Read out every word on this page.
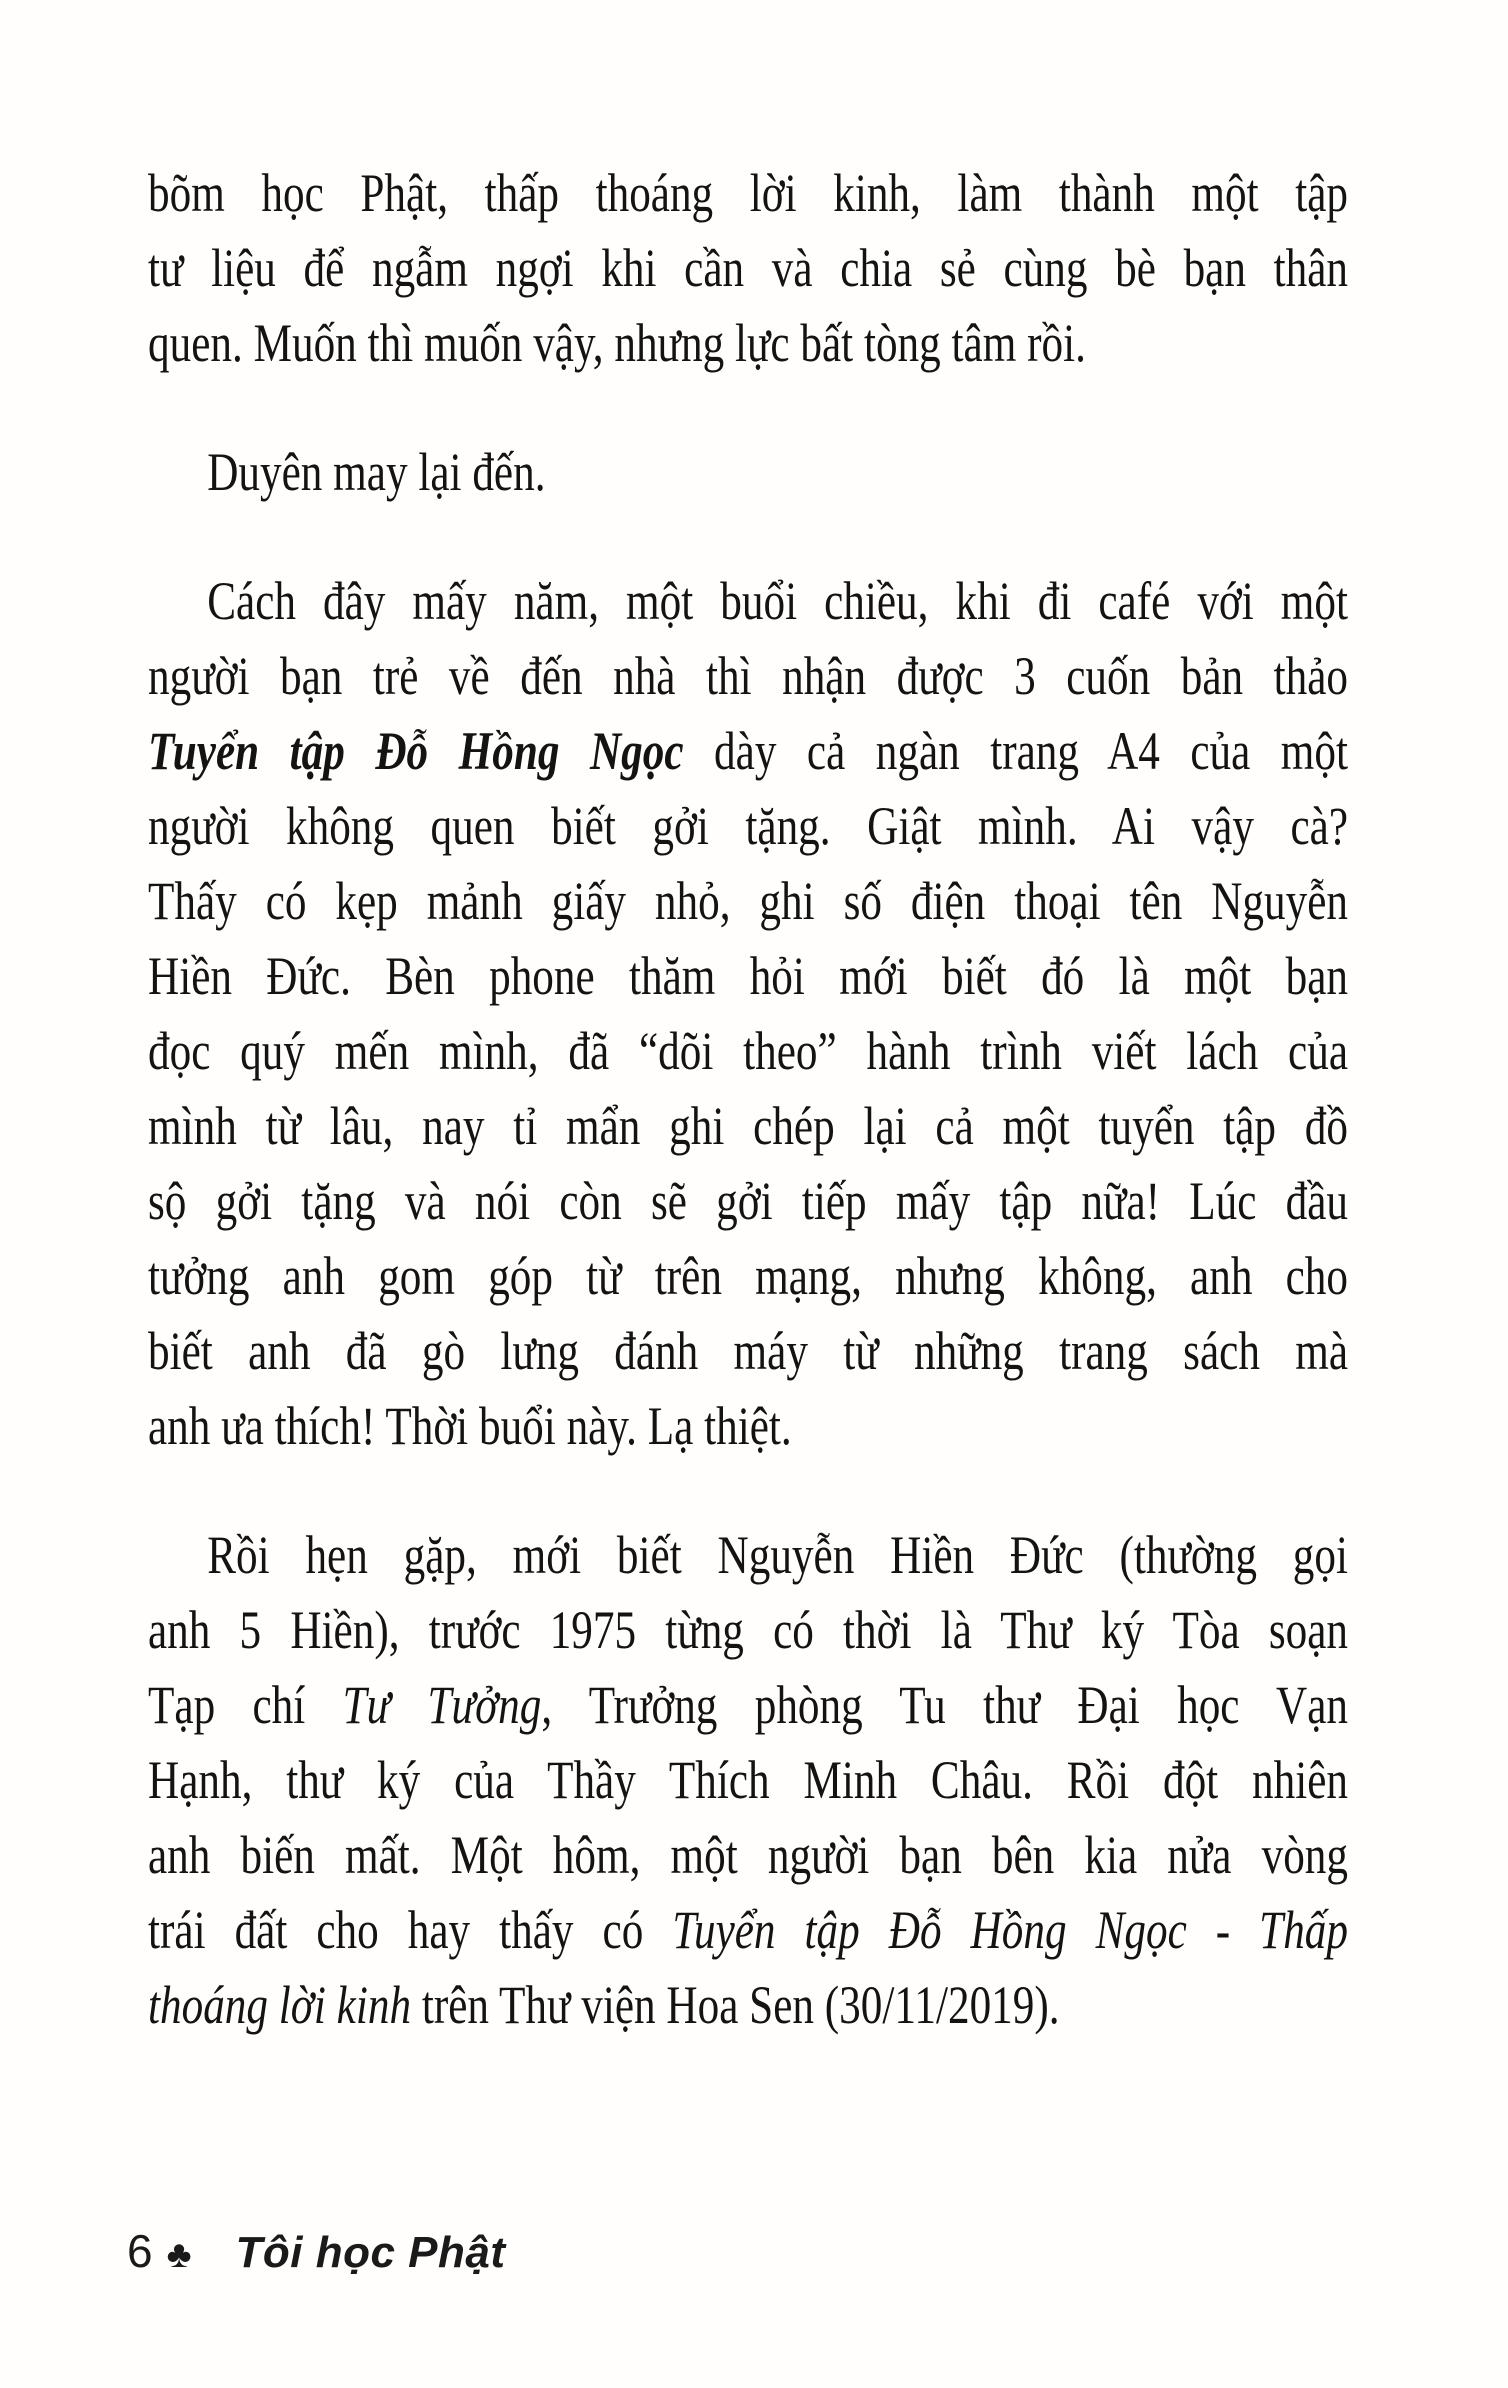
bõm học Phật, thấp thoáng lời kinh, làm thành một tập
tư liệu để ngẫm ngợi khi cần và chia sẻ cùng bè bạn thân
quen. Muốn thì muốn vậy, nhưng lực bất tòng tâm rồi.
Duyên may lại đến.
Cách đây mấy năm, một buổi chiều, khi đi café với một
người bạn trẻ về đến nhà thì nhận được 3 cuốn bản thảo
Tuyển tập Đỗ Hồng Ngọc dày cả ngàn trang A4 của một
người không quen biết gởi tặng. Giật mình. Ai vậy cà?
Thấy có kẹp mảnh giấy nhỏ, ghi số điện thoại tên Nguyễn
Hiền Đức. Bèn phone thăm hỏi mới biết đó là một bạn
đọc quý mến mình, đã “dõi theo” hành trình viết lách của
mình từ lâu, nay tỉ mẩn ghi chép lại cả một tuyển tập đồ
sộ gởi tặng và nói còn sẽ gởi tiếp mấy tập nữa! Lúc đầu
tưởng anh gom góp từ trên mạng, nhưng không, anh cho
biết anh đã gò lưng đánh máy từ những trang sách mà
anh ưa thích! Thời buổi này. Lạ thiệt.
Rồi hẹn gặp, mới biết Nguyễn Hiền Đức (thường gọi
anh 5 Hiền), trước 1975 từng có thời là Thư ký Tòa soạn
Tạp chí Tư Tưởng, Trưởng phòng Tu thư Đại học Vạn
Hạnh, thư ký của Thầy Thích Minh Châu. Rồi đột nhiên
anh biến mất. Một hôm, một người bạn bên kia nửa vòng
trái đất cho hay thấy có Tuyển tập Đỗ Hồng Ngọc - Thấp
thoáng lời kinh trên Thư viện Hoa Sen (30/11/2019).
6 ♣ Tôi học Phật
